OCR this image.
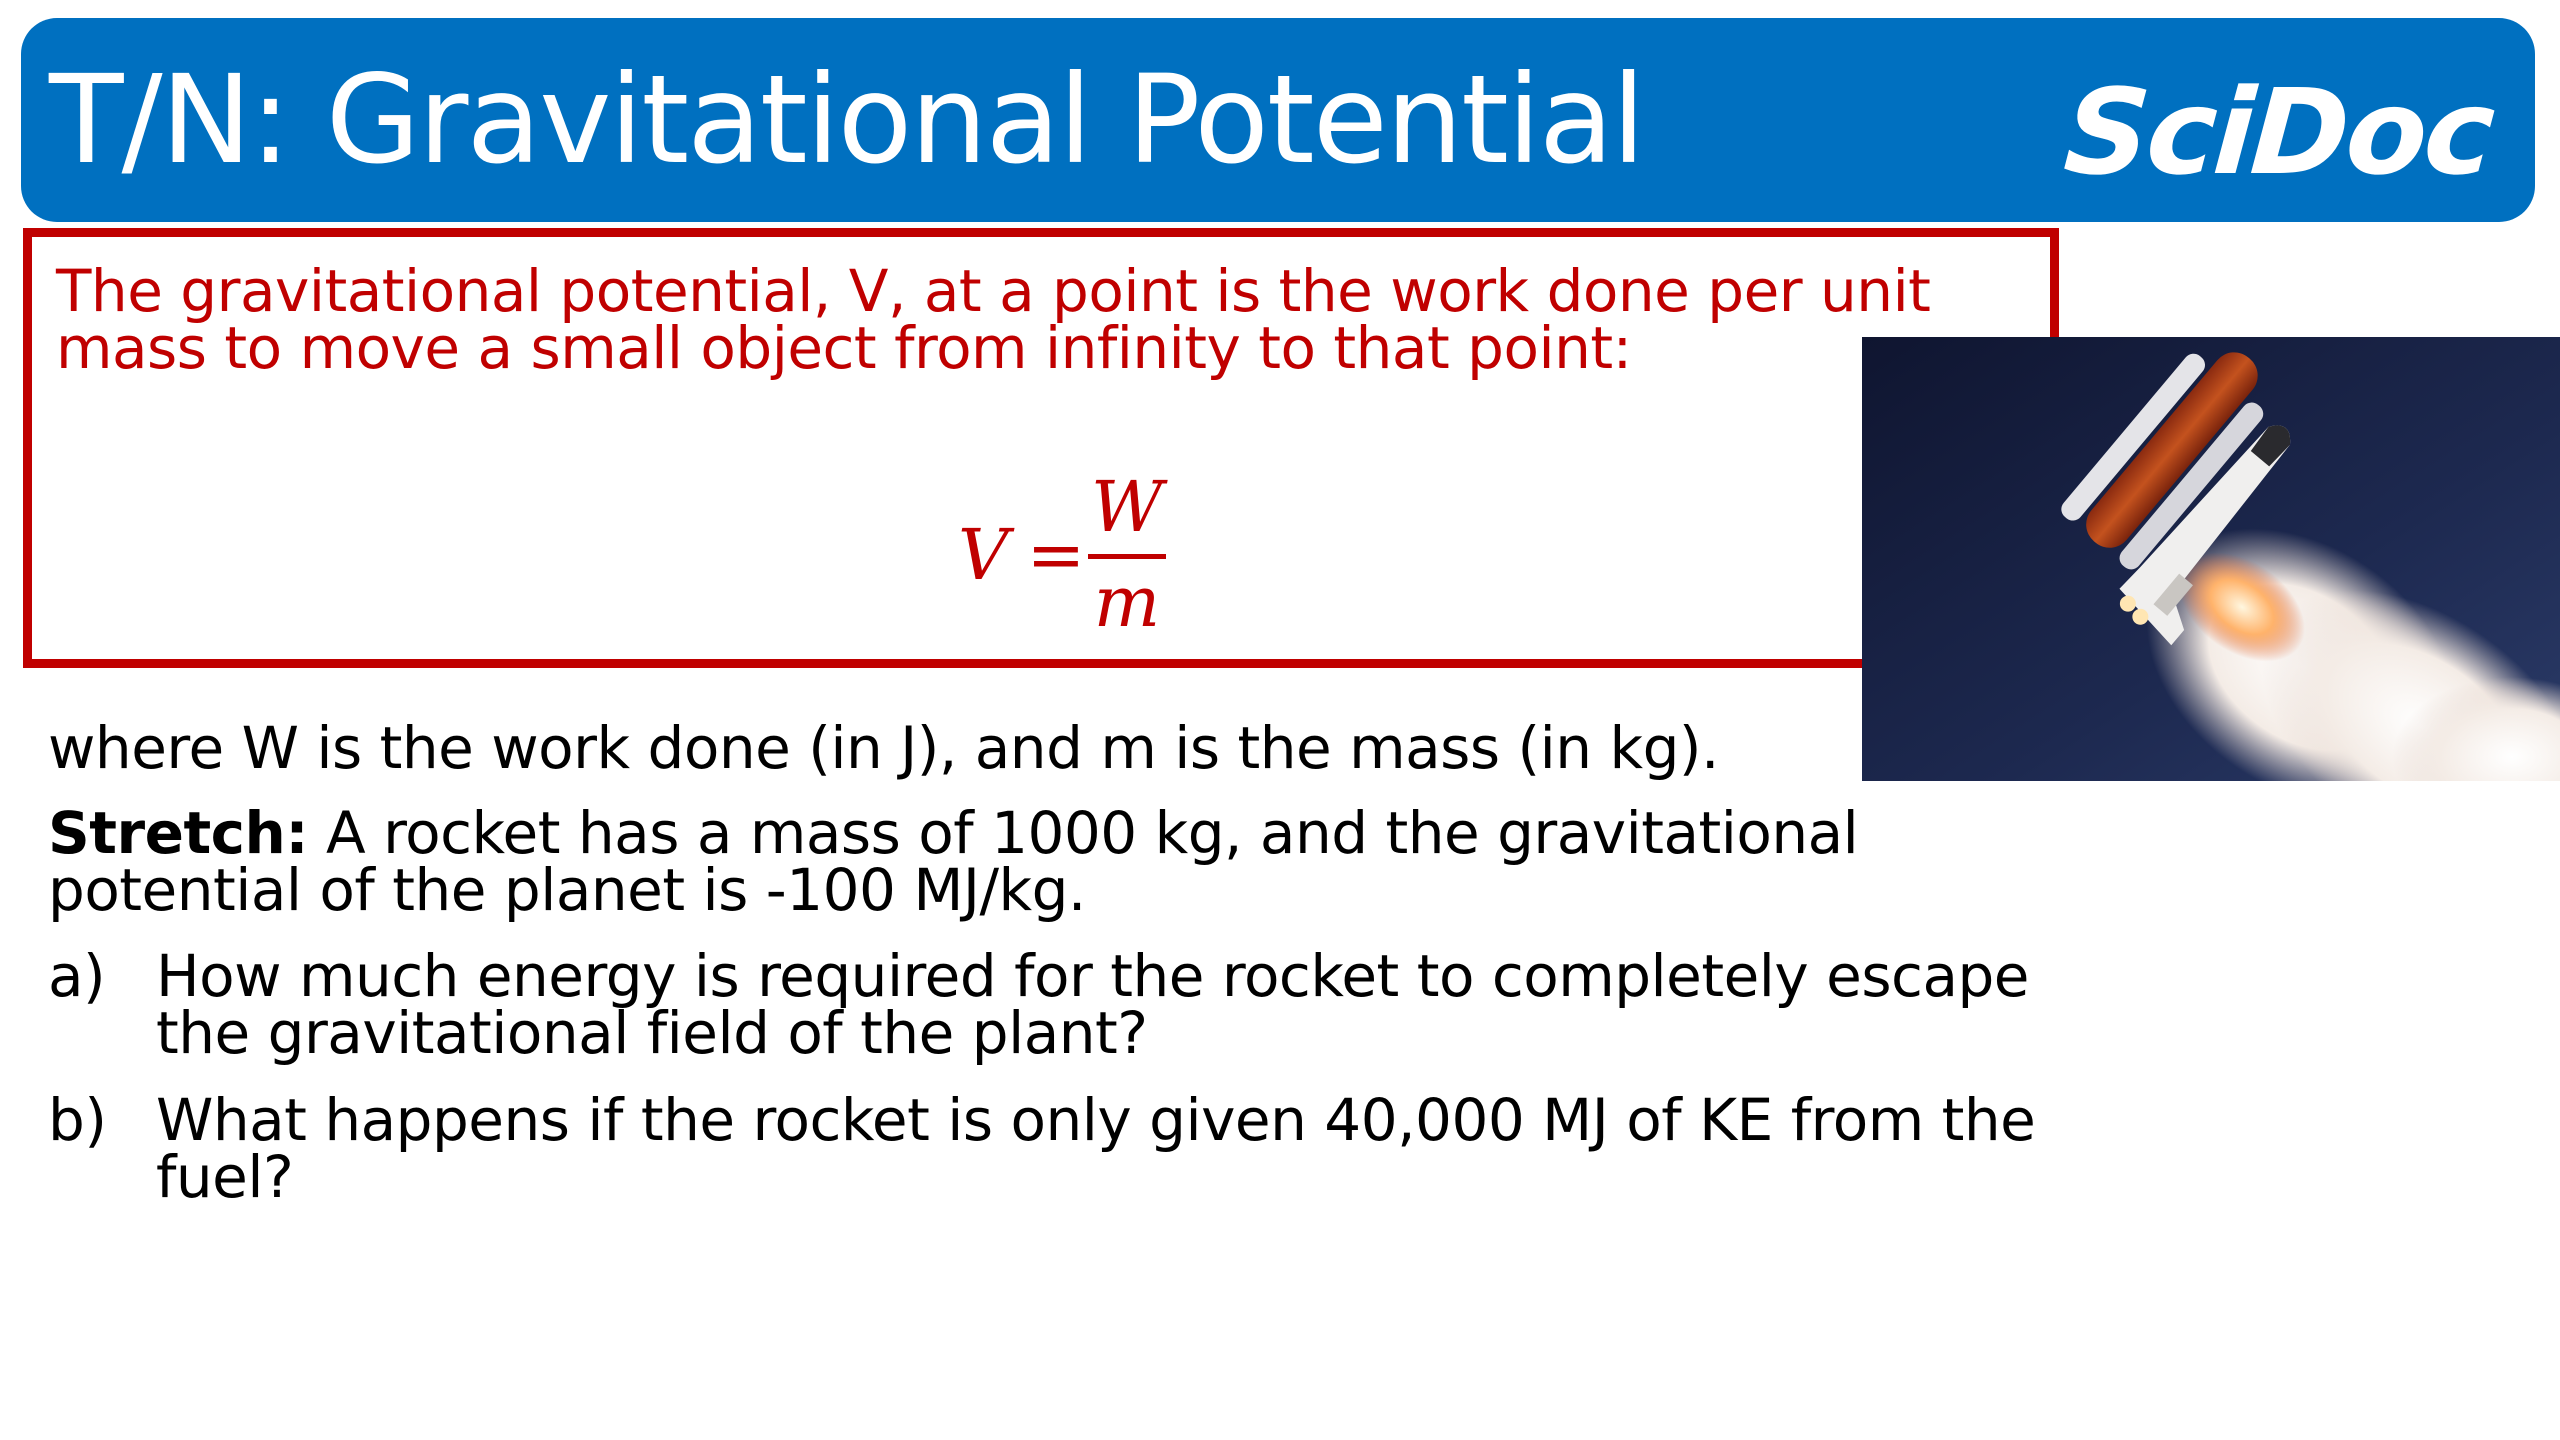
T/N: Gravitational Potential	SciDoc
The gravitational potential, V, at a point is the work done per unit mass to move a small object from infinity to that point:
V =
W
m
where W is the work done (in J), and m is the mass (in kg).
Stretch: A rocket has a mass of 1000 kg, and the gravitational potential of the planet is -100 MJ/kg.
a) How much energy is required for the rocket to completely escape the gravitational field of the plant?
b) What happens if the rocket is only given 40,000 MJ of KE from the fuel?
